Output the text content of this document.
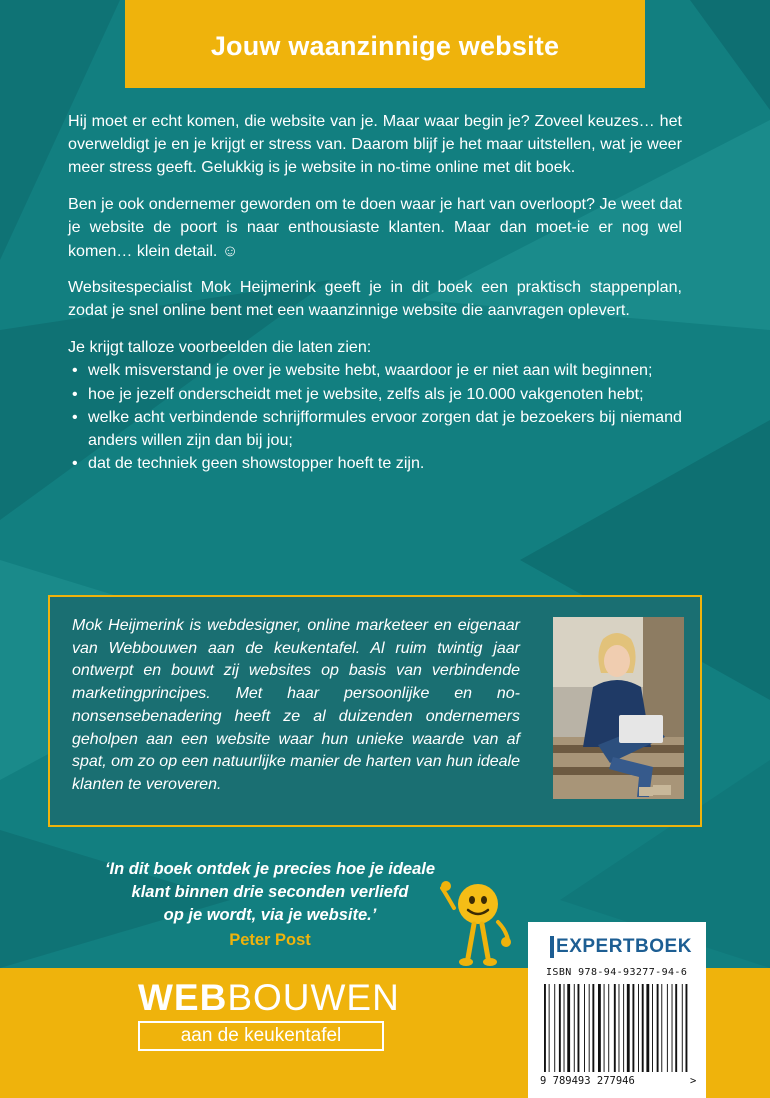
Jouw waanzinnige website

Hij moet er echt komen, die website van je. Maar waar begin je? Zoveel keuzes… het overweldigt je en je krijgt er stress van. Daarom blijf je het maar uitstellen, wat je weer meer stress geeft. Gelukkig is je website in no-time online met dit boek.

Ben je ook ondernemer geworden om te doen waar je hart van overloopt? Je weet dat je website de poort is naar enthousiaste klanten. Maar dan moet-ie er nog wel komen… klein detail. ☺

Websitespecialist Mok Heijmerink geeft je in dit boek een praktisch stappenplan, zodat je snel online bent met een waanzinnige website die aanvragen oplevert.

Je krijgt talloze voorbeelden die laten zien:

• welk misverstand je over je website hebt, waardoor je er niet aan wilt beginnen;
• hoe je jezelf onderscheidt met je website, zelfs als je 10.000 vakgenoten hebt;
• welke acht verbindende schrijfformules ervoor zorgen dat je bezoekers bij niemand anders willen zijn dan bij jou;
• dat de techniek geen showstopper hoeft te zijn.
Mok Heijmerink is webdesigner, online marketeer en eigenaar van Webbouwen aan de keukentafel. Al ruim twintig jaar ontwerpt en bouwt zij websites op basis van verbindende marketingprincipes. Met haar persoonlijke en no-nonsensebenadering heeft ze al duizenden ondernemers geholpen aan een website waar hun unieke waarde van af spat, om zo op een natuurlijke manier de harten van hun ideale klanten te veroveren.

‘In dit boek ontdek je precies hoe je ideale

klant binnen drie seconden verliefd

op je wordt, via je website.’

Peter Post
WEBBOUWEN
aan de keukentafel
EXPERTBOEK
ISBN 978-94-93277-94-6
9 789493 277946	>
